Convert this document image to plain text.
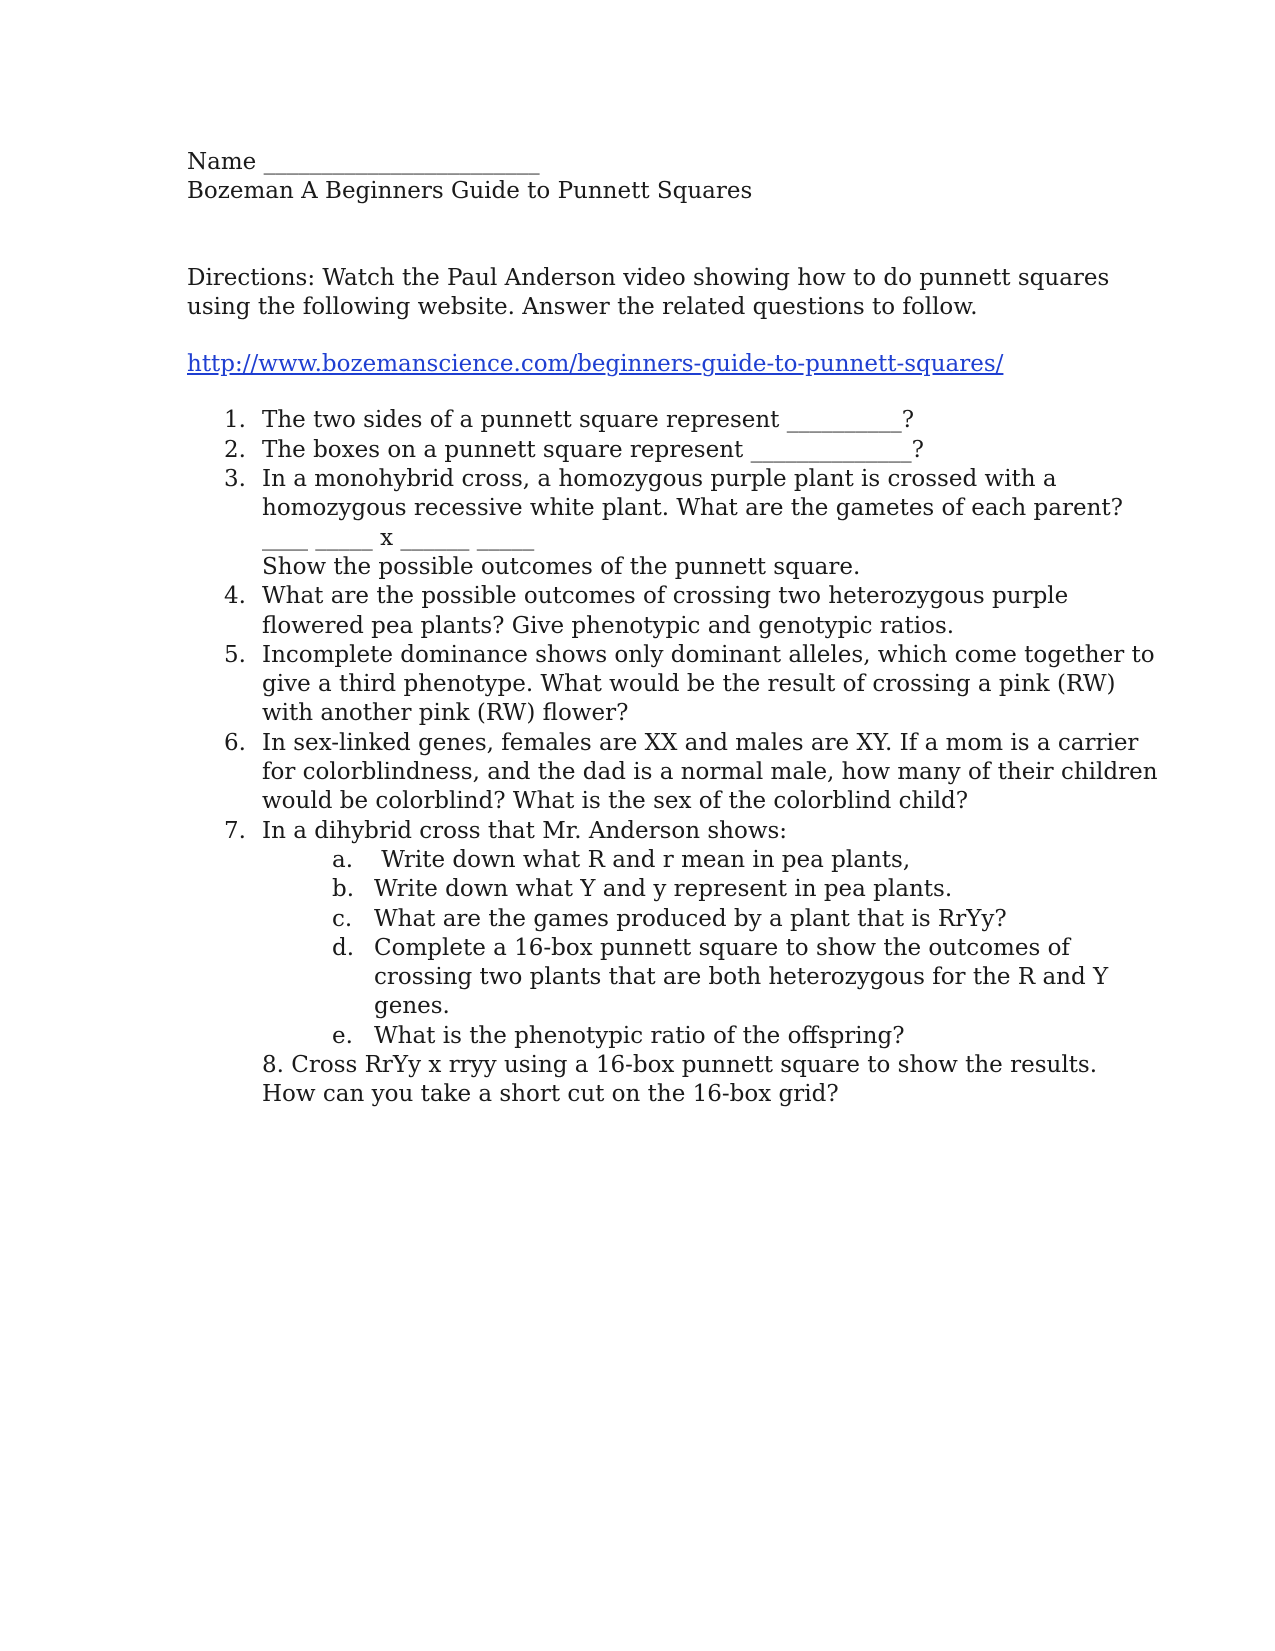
Name ________________________
Bozeman A Beginners Guide to Punnett Squares
Directions: Watch the Paul Anderson video showing how to do punnett squares
using the following website. Answer the related questions to follow.
http://www.bozemanscience.com/beginners-guide-to-punnett-squares/
1. The two sides of a punnett square represent __________?
2. The boxes on a punnett square represent ______________?
3. In a monohybrid cross, a homozygous purple plant is crossed with a
homozygous recessive white plant. What are the gametes of each parent?
____ _____ x ______ _____
Show the possible outcomes of the punnett square.
4. What are the possible outcomes of crossing two heterozygous purple
flowered pea plants? Give phenotypic and genotypic ratios.
5. Incomplete dominance shows only dominant alleles, which come together to
give a third phenotype. What would be the result of crossing a pink (RW)
with another pink (RW) flower?
6. In sex-linked genes, females are XX and males are XY. If a mom is a carrier
for colorblindness, and the dad is a normal male, how many of their children
would be colorblind? What is the sex of the colorblind child?
7. In a dihybrid cross that Mr. Anderson shows:
a. Write down what R and r mean in pea plants,
b. Write down what Y and y represent in pea plants.
c. What are the games produced by a plant that is RrYy?
d. Complete a 16-box punnett square to show the outcomes of
crossing two plants that are both heterozygous for the R and Y
genes.
e. What is the phenotypic ratio of the offspring?
8. Cross RrYy x rryy using a 16-box punnett square to show the results.
How can you take a short cut on the 16-box grid?
